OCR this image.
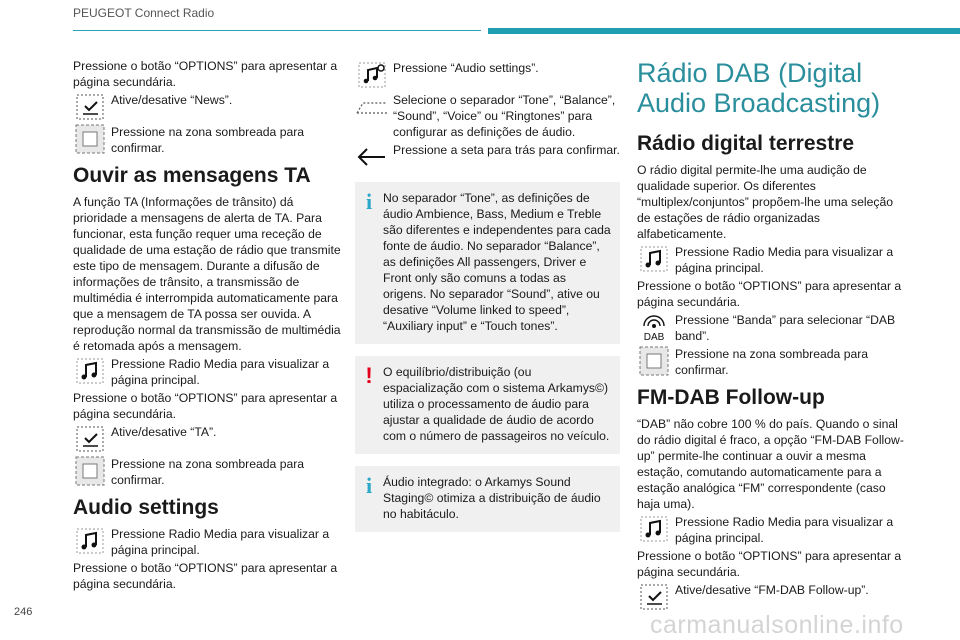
PEUGEOT Connect Radio

Pressione o botão “OPTIONS” para apresentar a página secundária.

Ative/desative “News”.
Pressione na zona sombreada para confirmar.
Ouvir as mensagens TA

A função TA (Informações de trânsito) dá prioridade a mensagens de alerta de TA. Para funcionar, esta função requer uma receção de qualidade de uma estação de rádio que transmite este tipo de mensagem. Durante a difusão de informações de trânsito, a transmissão de multimédia é interrompida automaticamente para que a mensagem de TA possa ser ouvida. A reprodução normal da transmissão de multimédia é retomada após a mensagem.

Pressione Radio Media para visualizar a página principal.

Pressione o botão “OPTIONS” para apresentar a página secundária.

Ative/desative “TA”.
Pressione na zona sombreada para confirmar.
Audio settings
Pressione Radio Media para visualizar a página principal.

Pressione o botão “OPTIONS” para apresentar a página secundária.

Pressione “Audio settings”.
Selecione o separador “Tone”, “Balance”, “Sound”, “Voice” ou “Ringtones” para configurar as definições de áudio.
Pressione a seta para trás para confirmar.
i No separador “Tone”, as definições de áudio Ambience, Bass, Medium e Treble são diferentes e independentes para cada fonte de áudio. No separador “Balance”, as definições All passengers, Driver e Front only são comuns a todas as origens. No separador “Sound”, ative ou desative “Volume linked to speed”, “Auxiliary input” e “Touch tones”.

! O equilíbrio/distribuição (ou espacialização com o sistema Arkamys©) utiliza o processamento de áudio para ajustar a qualidade de áudio de acordo com o número de passageiros no veículo.

i Áudio integrado: o Arkamys Sound Staging© otimiza a distribuição de áudio no habitáculo.

Rádio DAB (Digital Audio Broadcasting)
Rádio digital terrestre

O rádio digital permite-lhe uma audição de qualidade superior. Os diferentes “multiplex/conjuntos” propõem-lhe uma seleção de estações de rádio organizadas alfabeticamente.

Pressione Radio Media para visualizar a página principal.

Pressione o botão “OPTIONS” para apresentar a página secundária.

DAB
Pressione “Banda” para selecionar “DAB band”.
Pressione na zona sombreada para confirmar.
FM-DAB Follow-up

“DAB” não cobre 100 % do país. Quando o sinal do rádio digital é fraco, a opção “FM-DAB Follow-up” permite-lhe continuar a ouvir a mesma estação, comutando automaticamente para a estação analógica “FM” correspondente (caso haja uma).

Pressione Radio Media para visualizar a página principal.

Pressione o botão “OPTIONS” para apresentar a página secundária.

Ative/desative “FM-DAB Follow-up”.
246	carmanualsonline.info
